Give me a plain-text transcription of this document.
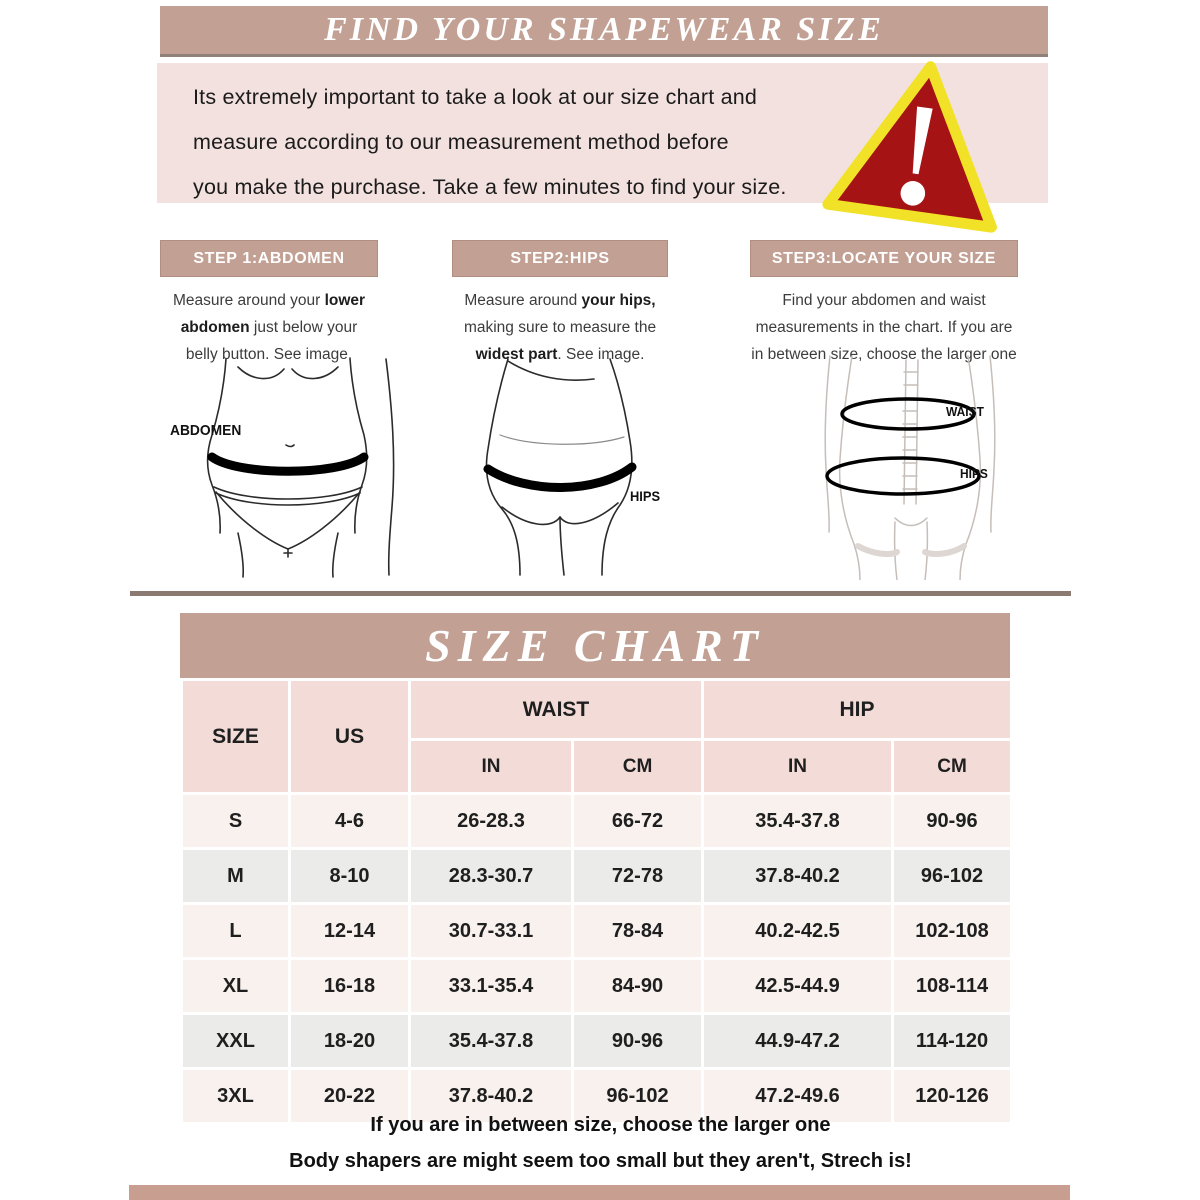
FIND YOUR SHAPEWEAR SIZE
Its extremely important to take a look at our size chart and
measure according to our measurement method before
you make the purchase. Take a few minutes to find your size.
STEP 1:ABDOMEN
Measure around your lower
abdomen just below your
belly button. See image.
STEP2:HIPS
Measure around your hips,
making sure to measure the
widest part. See image.
STEP3:LOCATE YOUR SIZE
Find your abdomen and waist
measurements in the chart. If you are
in between size, choose the larger one
ABDOMEN
HIPS
WAIST
HIPS
SIZE CHART
SIZE	US	WAIST		HIP	
		IN	CM	IN	CM
S	4-6	26-28.3	66-72	35.4-37.8	90-96
M	8-10	28.3-30.7	72-78	37.8-40.2	96-102
L	12-14	30.7-33.1	78-84	40.2-42.5	102-108
XL	16-18	33.1-35.4	84-90	42.5-44.9	108-114
XXL	18-20	35.4-37.8	90-96	44.9-47.2	114-120
3XL	20-22	37.8-40.2	96-102	47.2-49.6	120-126
If you are in between size, choose the larger one
Body shapers are might seem too small but they aren't, Strech is!
